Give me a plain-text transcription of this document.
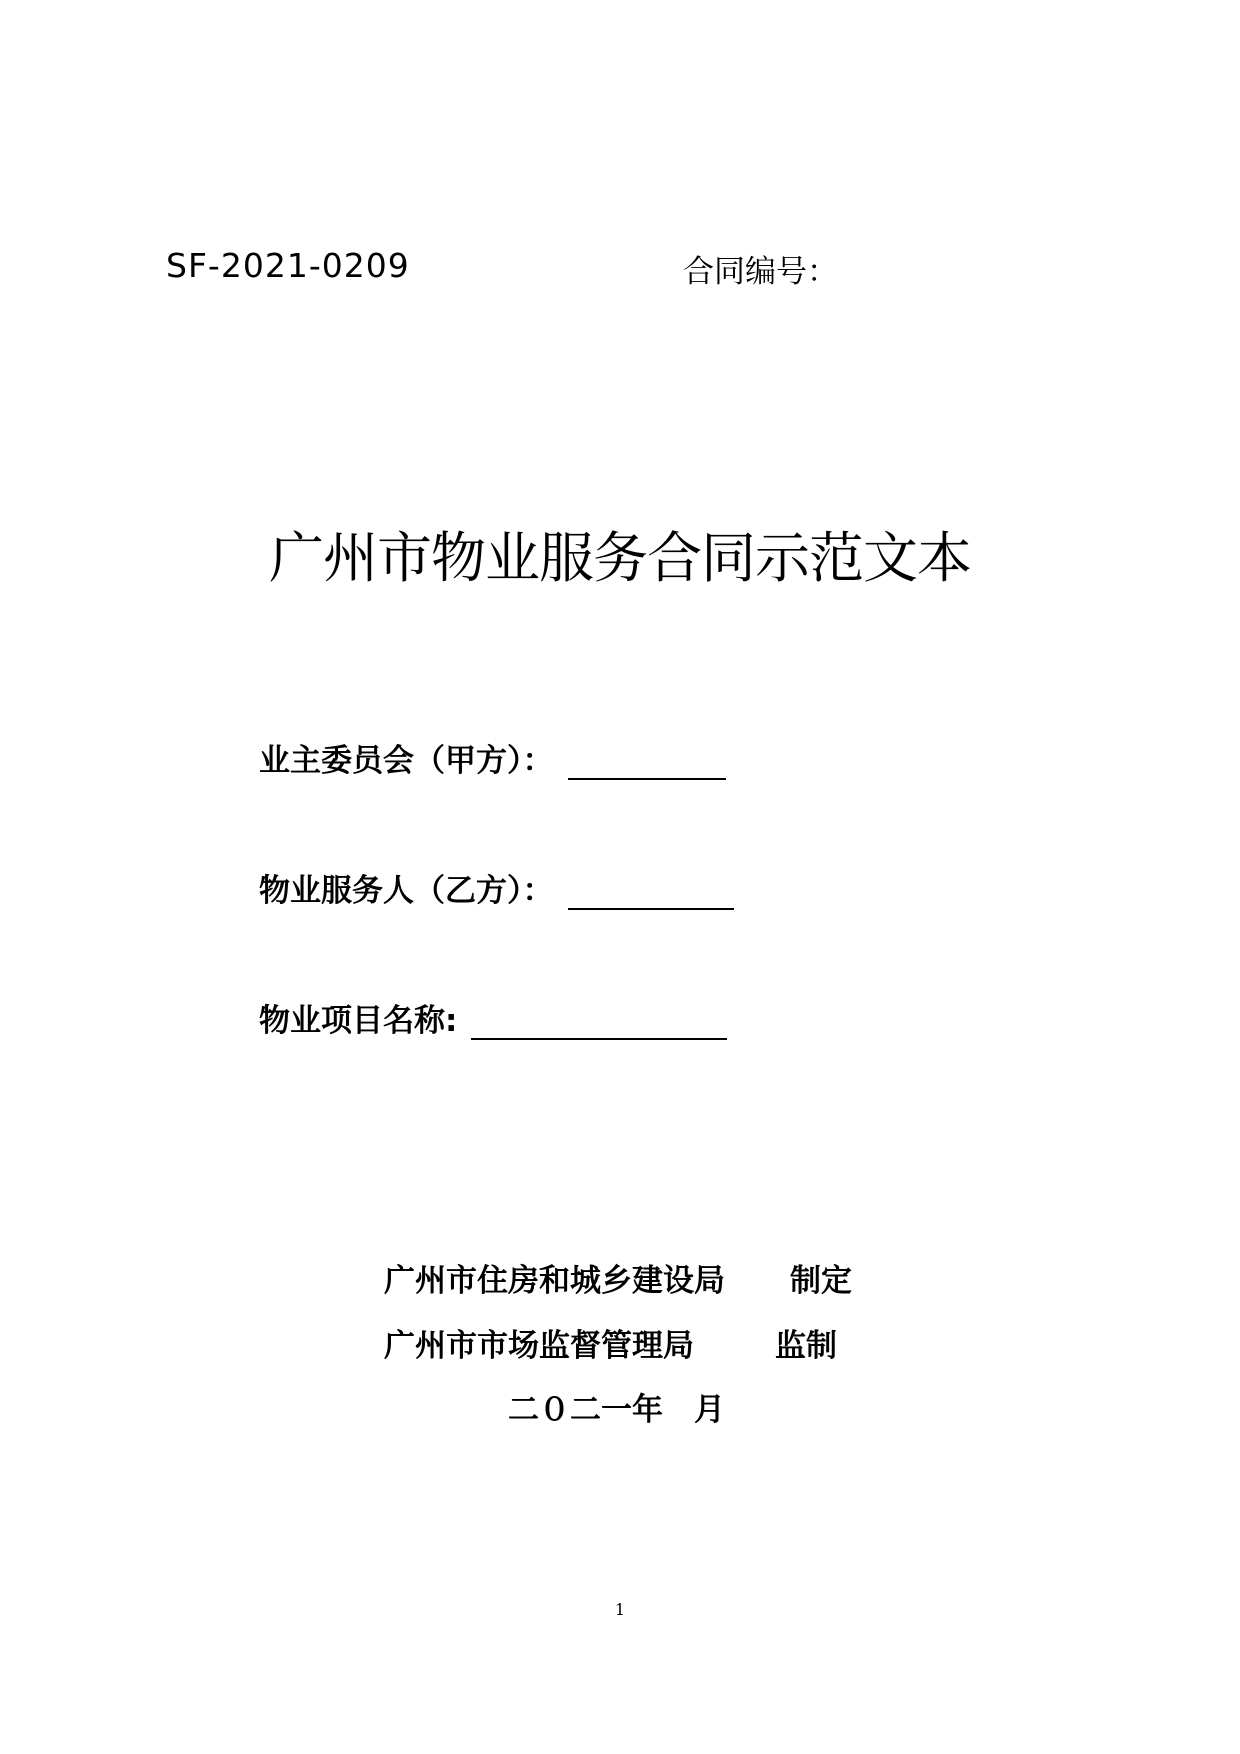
SF-2021-0209	合同编号：
广州市物业服务合同示范文本
业主委员会（甲方）：
物业服务人（乙方）：
物业项目名称:
广州市住房和城乡建设局 制定
广州市市场监督管理局	监制
二０二一年　月
1
